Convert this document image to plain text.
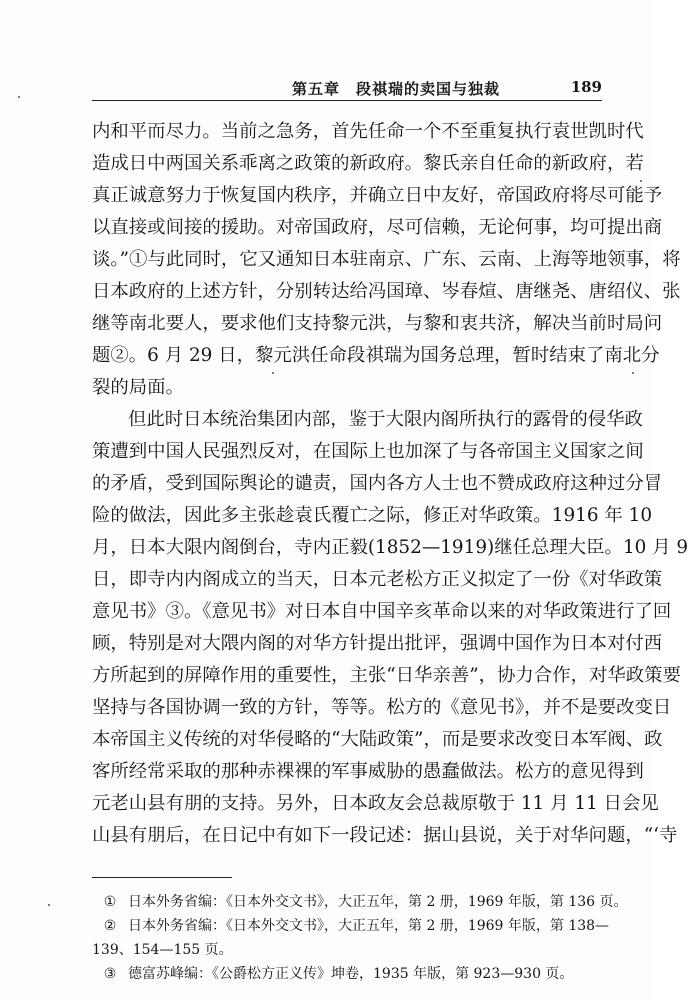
第五章　段祺瑞的卖国与独裁	189
内和平而尽力。当前之急务，首先任命一个不至重复执行袁世凯时代
造成日中两国关系乖离之政策的新政府。黎氏亲自任命的新政府，若
真正诚意努力于恢复国内秩序，并确立日中友好，帝国政府将尽可能予
以直接或间接的援助。对帝国政府，尽可信赖，无论何事，均可提出商
谈。”①与此同时，它又通知日本驻南京、广东、云南、上海等地领事，将
日本政府的上述方针，分别转达给冯国璋、岑春煊、唐继尧、唐绍仪、张
继等南北要人，要求他们支持黎元洪，与黎和衷共济，解决当前时局问
题②。6 月 29 日，黎元洪任命段祺瑞为国务总理，暂时结束了南北分
裂的局面。
但此时日本统治集团内部，鉴于大限内阁所执行的露骨的侵华政
策遭到中国人民强烈反对，在国际上也加深了与各帝国主义国家之间
的矛盾，受到国际舆论的谴责，国内各方人士也不赞成政府这种过分冒
险的做法，因此多主张趁袁氏覆亡之际，修正对华政策。1916 年 10
月，日本大限内阁倒台，寺内正毅(1852—1919)继任总理大臣。10 月 9
日，即寺内内阁成立的当天，日本元老松方正义拟定了一份《对华政策
意见书》③。《意见书》对日本自中国辛亥革命以来的对华政策进行了回
顾，特别是对大隈内阁的对华方针提出批评，强调中国作为日本对付西
方所起到的屏障作用的重要性，主张“日华亲善”，协力合作，对华政策要
坚持与各国协调一致的方针，等等。松方的《意见书》，并不是要改变日
本帝国主义传统的对华侵略的“大陆政策”，而是要求改变日本军阀、政
客所经常采取的那种赤裸裸的军事威胁的愚蠢做法。松方的意见得到
元老山县有朋的支持。另外，日本政友会总裁原敬于 11 月 11 日会见
山县有朋后，在日记中有如下一段记述：据山县说，关于对华问题，“‘寺
① 日本外务省编：《日本外交文书》，大正五年，第 2 册，1969 年版，第 136 页。
② 日本外务省编：《日本外交文书》，大正五年，第 2 册，1969 年版，第 138—
139、154—155 页。
③ 德富苏峰编：《公爵松方正义传》坤卷，1935 年版，第 923—930 页。
